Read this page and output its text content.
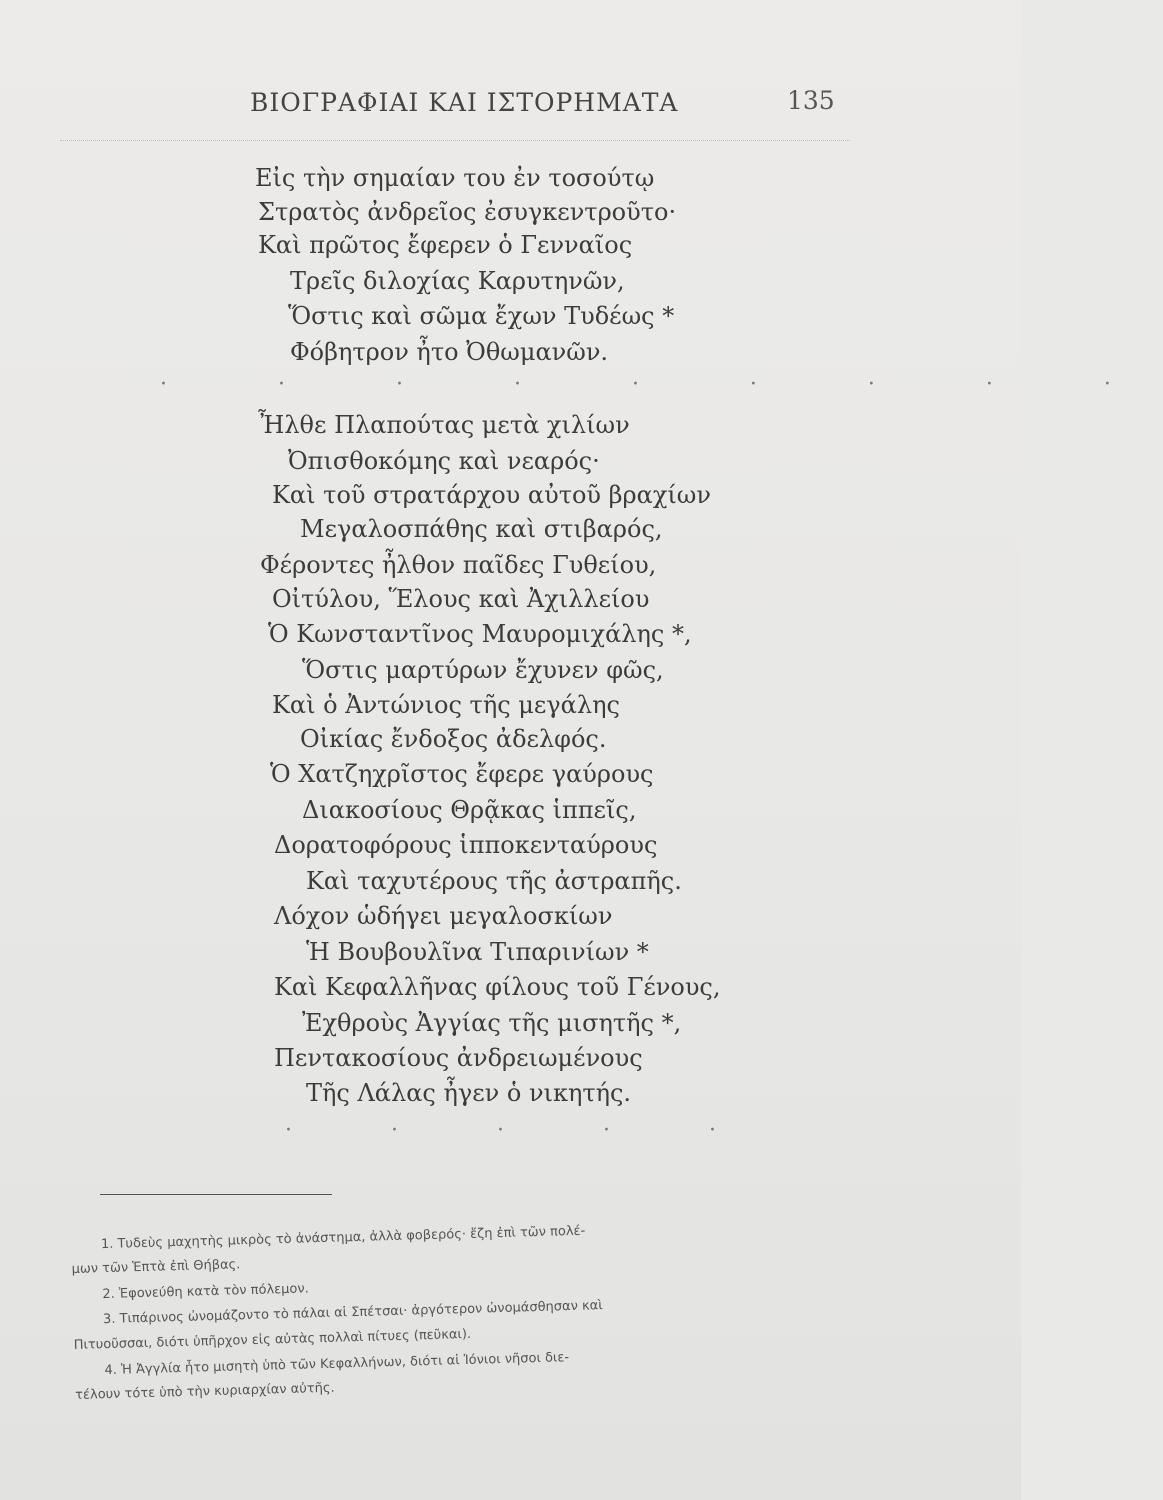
ΒΙΟΓΡΑΦΙΑΙ ΚΑΙ ΙΣΤΟΡΗΜΑΤΑ	135
Εἰς τὴν σημαίαν του ἐν τοσούτῳ
Στρατὸς ἀνδρεῖος ἐσυγκεντροῦτο·
Καὶ πρῶτος ἔφερεν ὁ Γενναῖος
Τρεῖς διλοχίας Καρυτηνῶν,
Ὅστις καὶ σῶμα ἔχων Τυδέως *
Φόβητρον ἦτο Ὀθωμανῶν.
· · · · · · · · ·
Ἦλθε Πλαπούτας μετὰ χιλίων
Ὀπισθοκόμης καὶ νεαρός·
Καὶ τοῦ στρατάρχου αὐτοῦ βραχίων
Μεγαλοσπάθης καὶ στιβαρός,
Φέροντες ἦλθον παῖδες Γυθείου,
Οἰτύλου, Ἕλους καὶ Ἀχιλλείου
Ὁ Κωνσταντῖνος Μαυρομιχάλης *,
Ὅστις μαρτύρων ἔχυνεν φῶς,
Καὶ ὁ Ἀντώνιος τῆς μεγάλης
Οἰκίας ἔνδοξος ἀδελφός.
Ὁ Χατζηχρῖστος ἔφερε γαύρους
Διακοσίους Θρᾷκας ἱππεῖς,
Δορατοφόρους ἱπποκενταύρους
Καὶ ταχυτέρους τῆς ἀστραπῆς.
Λόχον ὡδήγει μεγαλοσκίων
Ἡ Βουβουλῖνα Τιπαρινίων *
Καὶ Κεφαλλῆνας φίλους τοῦ Γένους,
Ἐχθροὺς Ἀγγίας τῆς μισητῆς *,
Πεντακοσίους ἀνδρειωμένους
Τῆς Λάλας ἦγεν ὁ νικητής.
· · · · ·
1. Τυδεὺς μαχητὴς μικρὸς τὸ ἀνάστημα, ἀλλὰ φοβερός· ἔζη ἐπὶ τῶν πολέ-
μων τῶν Ἑπτὰ ἐπὶ Θήβας.
2. Ἐφονεύθη κατὰ τὸν πόλεμον.
3. Τιπάρινος ὠνομάζοντο τὸ πάλαι αἱ Σπέτσαι· ἀργότερον ὠνομάσθησαν καὶ
Πιτυοῦσσαι, διότι ὑπῆρχον εἰς αὐτὰς πολλαὶ πίτυες (πεῦκαι).
4. Ἡ Ἀγγλία ἦτο μισητὴ ὑπὸ τῶν Κεφαλλήνων, διότι αἱ Ἰόνιοι νῆσοι διε-
τέλουν τότε ὑπὸ τὴν κυριαρχίαν αὐτῆς.
